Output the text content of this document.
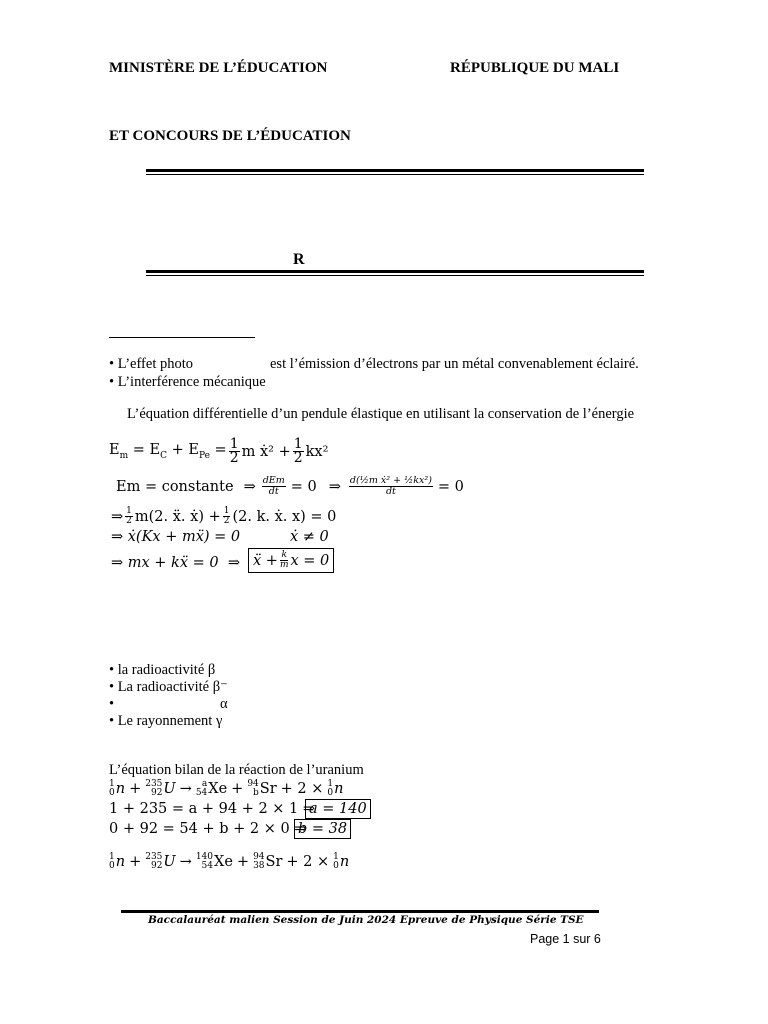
MINISTÈRE DE L’ÉDUCATION	RÉPUBLIQUE DU MALI
ET CONCOURS DE L’ÉDUCATION
R
• L’effet photo	est l’émission d’électrons par un métal convenablement éclairé.
• L’interférence mécanique
L’équation différentielle d’un pendule élastique en utilisant la conservation de l’énergie
$E_m = E_C + E_{Pe} = \frac{1}{2}$ m ẋ² + $\frac{1}{2} kx^2$
Em = constante ⇒ $\frac{\text{dEm}}{dt} = 0$ ⇒ $\frac{\text{d(½m ẋ² + ½kx²)}}{dt} = 0$
⇒ $\frac{1}{2} m(2$. ẍ. ẋ) + $\frac{1}{2} (2$. k. ẋ. x) = 0
⇒ ẋ(Kx + mẍ) = 0	ẋ ≠ 0
⇒ mx + kẍ = 0  ⇒ ẍ + $\frac{k}{m}$ x = 0
• la radioactivité β
• La radioactivité β⁻
•	α
• Le rayonnement γ
L’équation bilan de la réaction de l’uranium
1
0 n + 235
92 U → a
54 Xe + 94
b Sr + 2 × 1
0 n
1 + 235 = a + 94 + 2 × 1 ⇒
a = 140
0 + 92 = 54 + b + 2 × 0 ⇒
b = 38
1
0 n + 235
92 U → 140
54 Xe + 94
38 Sr + 2 × 1
0 n
Baccalauréat malien Session de Juin 2024 Epreuve de Physique Série TSE
Page 1 sur 6
